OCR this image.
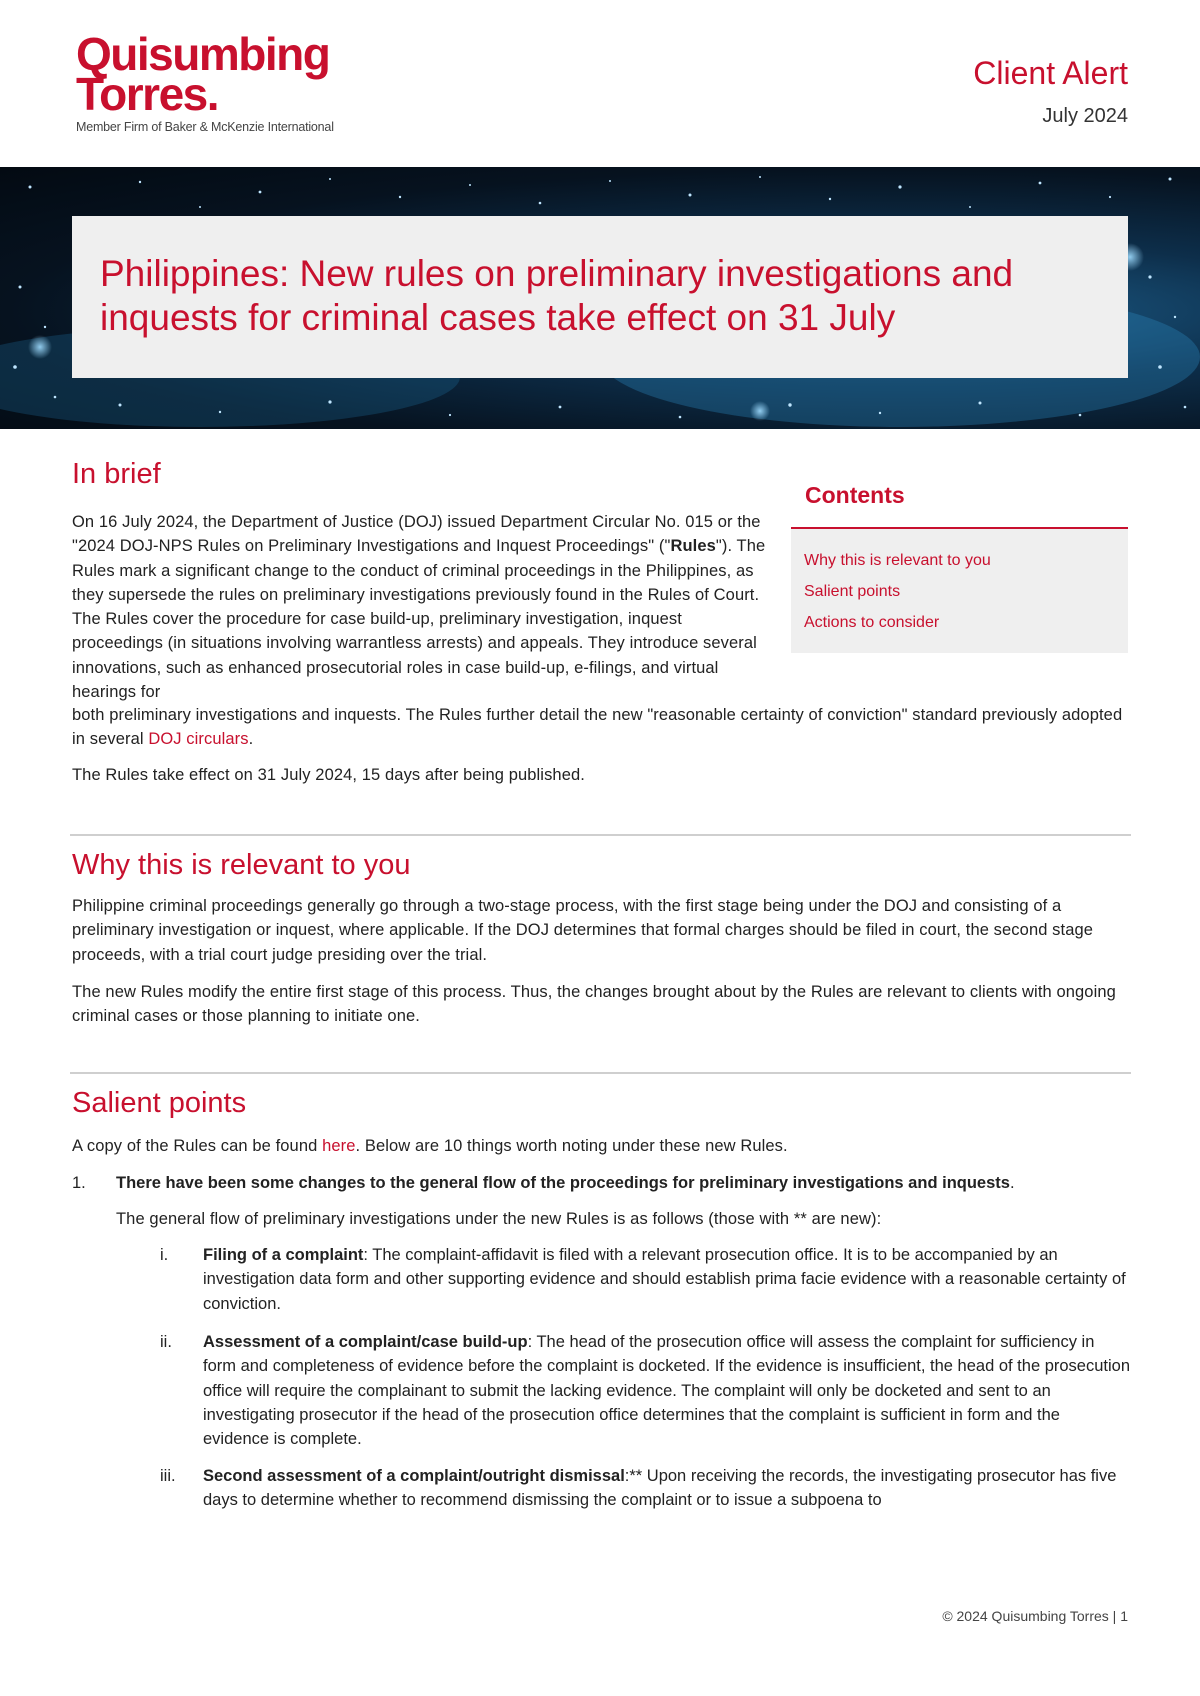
Quisumbing
Torres.
Member Firm of Baker & McKenzie International
Client Alert
July 2024
Philippines: New rules on preliminary investigations and inquests for criminal cases take effect on 31 July
In brief
On 16 July 2024, the Department of Justice (DOJ) issued Department Circular No. 015 or the "2024 DOJ-NPS Rules on Preliminary Investigations and Inquest Proceedings" ("Rules"). The Rules mark a significant change to the conduct of criminal proceedings in the Philippines, as they supersede the rules on preliminary investigations previously found in the Rules of Court. The Rules cover the procedure for case build-up, preliminary investigation, inquest proceedings (in situations involving warrantless arrests) and appeals. They introduce several innovations, such as enhanced prosecutorial roles in case build-up, e-filings, and virtual hearings for
both preliminary investigations and inquests. The Rules further detail the new "reasonable certainty of conviction" standard previously adopted in several DOJ circulars.
The Rules take effect on 31 July 2024, 15 days after being published.
Contents
Why this is relevant to you
Salient points
Actions to consider
Why this is relevant to you
Philippine criminal proceedings generally go through a two-stage process, with the first stage being under the DOJ and consisting of a preliminary investigation or inquest, where applicable. If the DOJ determines that formal charges should be filed in court, the second stage proceeds, with a trial court judge presiding over the trial.
The new Rules modify the entire first stage of this process. Thus, the changes brought about by the Rules are relevant to clients with ongoing criminal cases or those planning to initiate one.
Salient points
A copy of the Rules can be found here. Below are 10 things worth noting under these new Rules.
1. There have been some changes to the general flow of the proceedings for preliminary investigations and inquests.
The general flow of preliminary investigations under the new Rules is as follows (those with ** are new):
i.	Filing of a complaint: The complaint-affidavit is filed with a relevant prosecution office. It is to be accompanied by an investigation data form and other supporting evidence and should establish prima facie evidence with a reasonable certainty of conviction.
ii.	Assessment of a complaint/case build-up: The head of the prosecution office will assess the complaint for sufficiency in form and completeness of evidence before the complaint is docketed. If the evidence is insufficient, the head of the prosecution office will require the complainant to submit the lacking evidence. The complaint will only be docketed and sent to an investigating prosecutor if the head of the prosecution office determines that the complaint is sufficient in form and the evidence is complete.
iii.	Second assessment of a complaint/outright dismissal:** Upon receiving the records, the investigating prosecutor has five days to determine whether to recommend dismissing the complaint or to issue a subpoena to
© 2024 Quisumbing Torres | 1
